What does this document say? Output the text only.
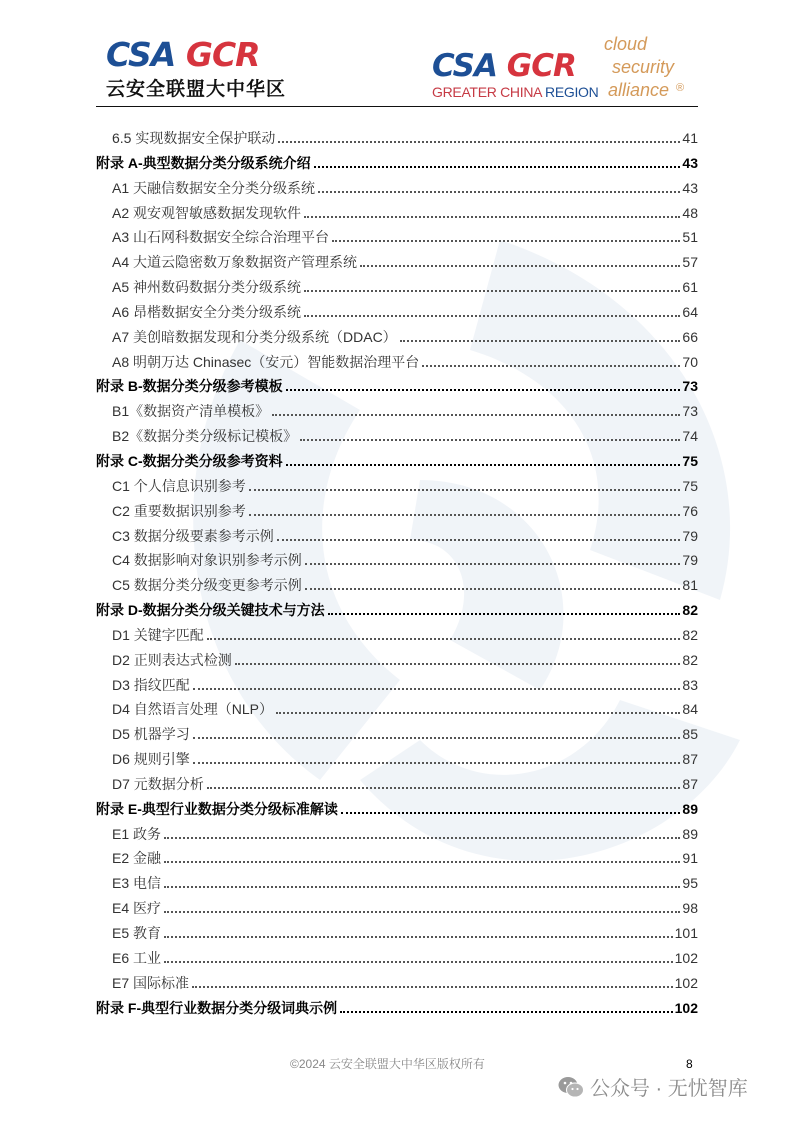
CSA GCR
云安全联盟大中华区
CSA GCR
GREATER CHINA REGION
cloud
security
alliance ®
6.5 实现数据安全保护联动	41
附录 A-典型数据分类分级系统介绍	43
A1 天融信数据安全分类分级系统	43
A2 观安观智敏感数据发现软件	48
A3 山石网科数据安全综合治理平台	51
A4 大道云隐密数万象数据资产管理系统	57
A5 神州数码数据分类分级系统	61
A6 昂楷数据安全分类分级系统	64
A7 美创暗数据发现和分类分级系统（DDAC）	66
A8 明朝万达 Chinasec（安元）智能数据治理平台	70
附录 B-数据分类分级参考模板	73
B1《数据资产清单模板》	73
B2《数据分类分级标记模板》	74
附录 C-数据分类分级参考资料	75
C1 个人信息识别参考	75
C2 重要数据识别参考	76
C3 数据分级要素参考示例	79
C4 数据影响对象识别参考示例	79
C5 数据分类分级变更参考示例	81
附录 D-数据分类分级关键技术与方法	82
D1 关键字匹配	82
D2 正则表达式检测	82
D3 指纹匹配	83
D4 自然语言处理（NLP）	84
D5 机器学习	85
D6 规则引擎	87
D7 元数据分析	87
附录 E-典型行业数据分类分级标准解读	89
E1 政务	89
E2 金融	91
E3 电信	95
E4 医疗	98
E5 教育	101
E6 工业	102
E7 国际标准	102
附录 F-典型行业数据分类分级词典示例	102
©2024 云安全联盟大中华区版权所有	8
公众号 · 无忧智库
